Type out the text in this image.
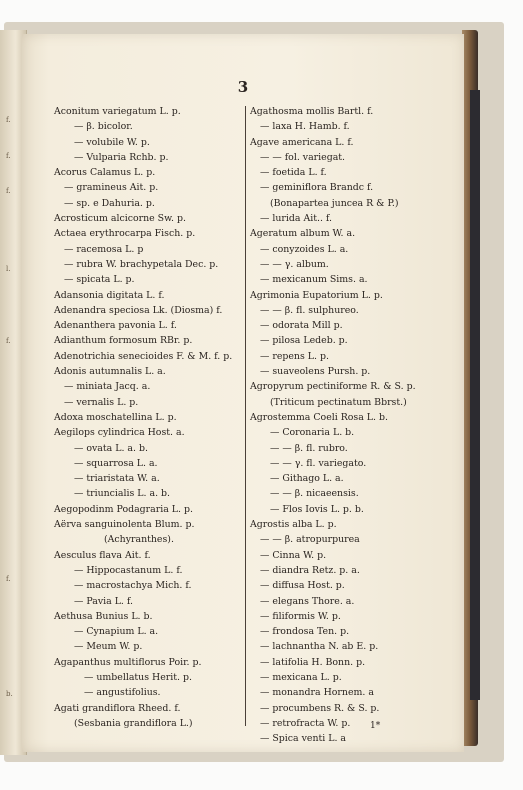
f.
f.
f.
l.
f.
f.
b.
3
Aconitum variegatum L. p.
— β. bicolor.
— volubile W. p.
— Vulparia Rchb. p.
Acorus Calamus L. p.
— gramineus Ait. p.
— sp. e Dahuria. p.
Acrosticum alcicorne Sw. p.
Actaea erythrocarpa Fisch. p.
— racemosa L. p
— rubra W. brachypetala Dec. p.
— spicata L. p.
Adansonia digitata L. f.
Adenandra speciosa Lk. (Diosma) f.
Adenanthera pavonia L. f.
Adianthum formosum RBr. p.
Adenotrichia senecioides F. & M. f. p.
Adonis autumnalis L. a.
— miniata Jacq. a.
— vernalis L. p.
Adoxa moschatellina L. p.
Aegilops cylindrica Host. a.
— ovata L. a. b.
— squarrosa L. a.
— triaristata W. a.
— triuncialis L. a. b.
Aegopodinm Podagraria L. p.
Aërva sanguinolenta Blum. p.
(Achyranthes).
Aesculus flava Ait. f.
— Hippocastanum L. f.
— macrostachya Mich. f.
— Pavia L. f.
Aethusa Bunius L. b.
— Cynapium L. a.
— Meum W. p.
Agapanthus multiflorus Poir. p.
— umbellatus Herit. p.
— angustifolius.
Agati grandiflora Rheed. f.
(Sesbania grandiflora L.)
Agathosma mollis Bartl. f.
— laxa H. Hamb. f.
Agave americana L. f.
— — fol. variegat.
— foetida L. f.
— geminiflora Brandc f.
(Bonapartea juncea R & P.)
— lurida Ait.. f.
Ageratum album W. a.
— conyzoides L. a.
— — γ. album.
— mexicanum Sims. a.
Agrimonia Eupatorium L. p.
— — β. fl. sulphureo.
— odorata Mill p.
— pilosa Ledeb. p.
— repens L. p.
— suaveolens Pursh. p.
Agropyrum pectiniforme R. & S. p.
(Triticum pectinatum Bbrst.)
Agrostemma Coeli Rosa L. b.
— Coronaria L. b.
— — β. fl. rubro.
— — γ. fl. variegato.
— Githago L. a.
— — β. nicaeensis.
— Flos Iovis L. p. b.
Agrostis alba L. p.
— — β. atropurpurea
— Cinna W. p.
— diandra Retz. p. a.
— diffusa Host. p.
— elegans Thore. a.
— filiformis W. p.
— frondosa Ten. p.
— lachnantha N. ab E. p.
— latifolia H. Bonn. p.
— mexicana L. p.
— monandra Hornem. a
— procumbens R. & S. p.
— retrofracta W. p.
— Spica venti L. a
1*
